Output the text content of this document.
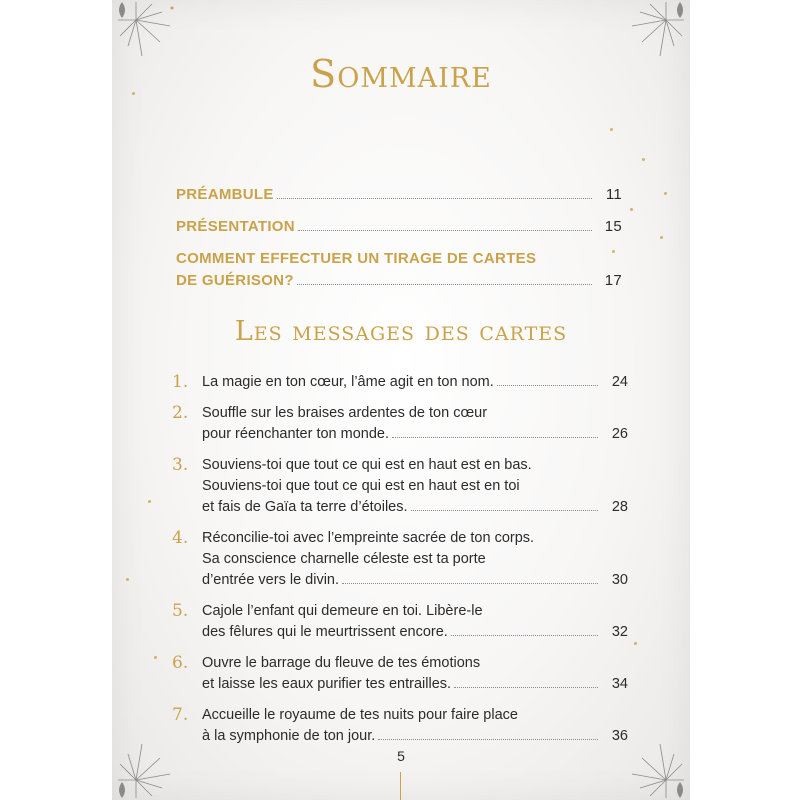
Sommaire
PRÉAMBULE	11
PRÉSENTATION	15
COMMENT EFFECTUER UN TIRAGE DE CARTES
DE GUÉRISON?	17
Les messages des cartes
1. La magie en ton cœur, l’âme agit en ton nom.	24
2. Souffle sur les braises ardentes de ton cœur
pour réenchanter ton monde.	26
3. Souviens-toi que tout ce qui est en haut est en bas.
Souviens-toi que tout ce qui est en haut est en toi
et fais de Gaïa ta terre d’étoiles.	28
4. Réconcilie-toi avec l’empreinte sacrée de ton corps.
Sa conscience charnelle céleste est ta porte
d’entrée vers le divin.	30
5. Cajole l’enfant qui demeure en toi. Libère-le
des fêlures qui le meurtrissent encore.	32
6. Ouvre le barrage du fleuve de tes émotions
et laisse les eaux purifier tes entrailles.	34
7. Accueille le royaume de tes nuits pour faire place
à la symphonie de ton jour.	36
5
